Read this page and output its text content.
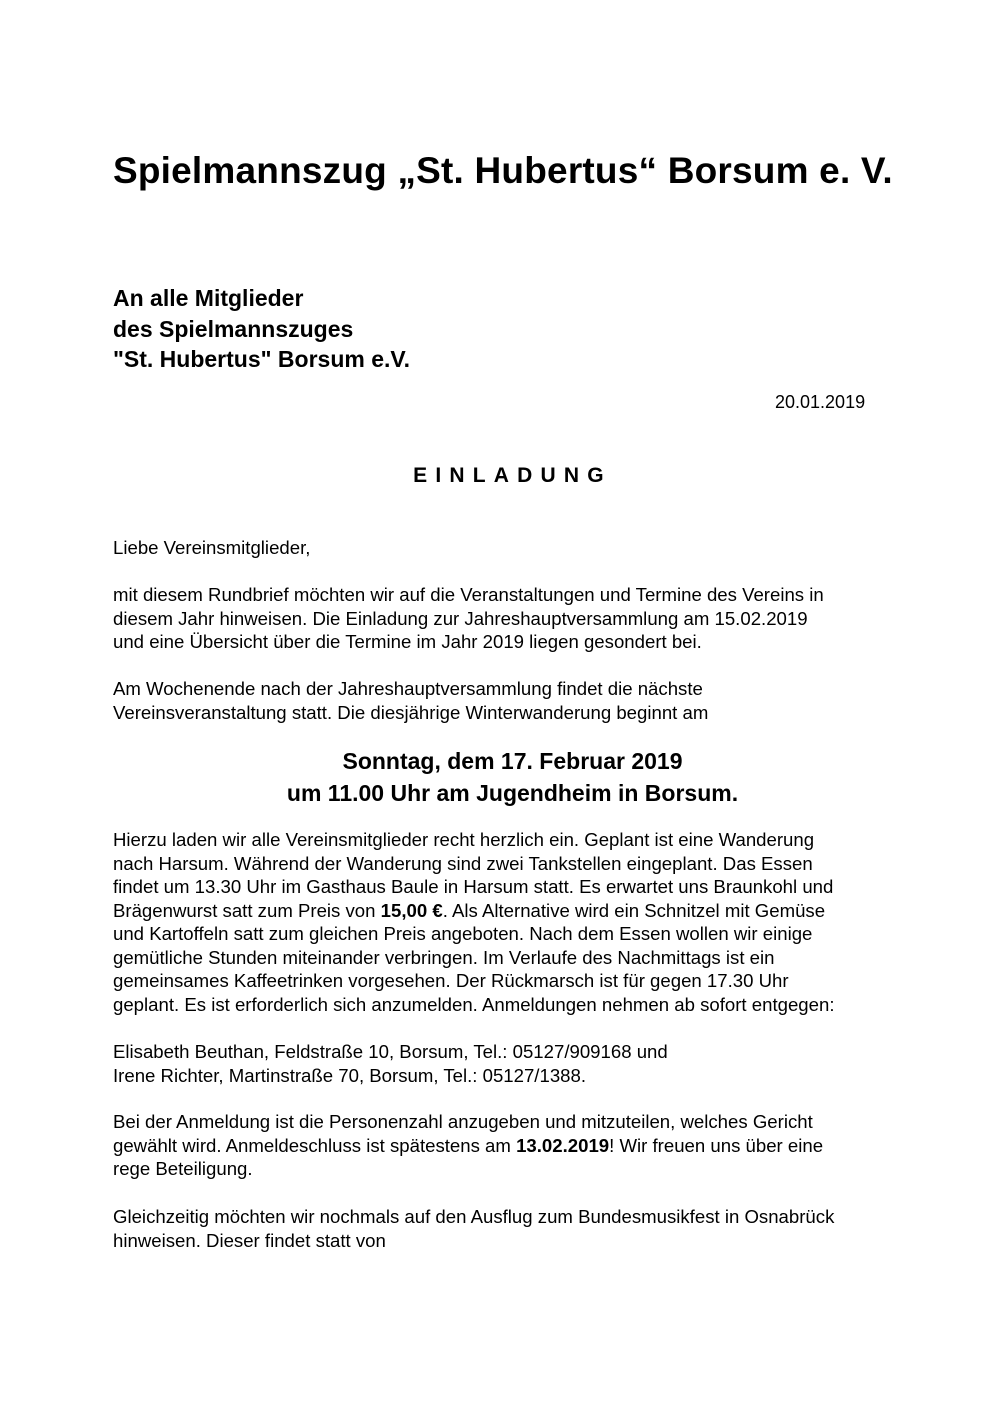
Spielmannszug „St. Hubertus“ Borsum e. V.
An alle Mitglieder
des Spielmannszuges
"St. Hubertus" Borsum e.V.
20.01.2019
EINLADUNG
Liebe Vereinsmitglieder,
mit diesem Rundbrief möchten wir auf die Veranstaltungen und Termine des Vereins in
diesem Jahr hinweisen. Die Einladung zur Jahreshauptversammlung am 15.02.2019
und eine Übersicht über die Termine im Jahr 2019 liegen gesondert bei.
Am Wochenende nach der Jahreshauptversammlung findet die nächste
Vereinsveranstaltung statt. Die diesjährige Winterwanderung beginnt am
Sonntag, dem 17. Februar 2019
um 11.00 Uhr am Jugendheim in Borsum.
Hierzu laden wir alle Vereinsmitglieder recht herzlich ein. Geplant ist eine Wanderung
nach Harsum. Während der Wanderung sind zwei Tankstellen eingeplant. Das Essen
findet um 13.30 Uhr im Gasthaus Baule in Harsum statt. Es erwartet uns Braunkohl und
Brägenwurst satt zum Preis von 15,00 €. Als Alternative wird ein Schnitzel mit Gemüse
und Kartoffeln satt zum gleichen Preis angeboten. Nach dem Essen wollen wir einige
gemütliche Stunden miteinander verbringen. Im Verlaufe des Nachmittags ist ein
gemeinsames Kaffeetrinken vorgesehen. Der Rückmarsch ist für gegen 17.30 Uhr
geplant. Es ist erforderlich sich anzumelden. Anmeldungen nehmen ab sofort entgegen:
Elisabeth Beuthan, Feldstraße 10, Borsum, Tel.: 05127/909168 und
Irene Richter, Martinstraße 70, Borsum, Tel.: 05127/1388.
Bei der Anmeldung ist die Personenzahl anzugeben und mitzuteilen, welches Gericht
gewählt wird. Anmeldeschluss ist spätestens am 13.02.2019! Wir freuen uns über eine
rege Beteiligung.
Gleichzeitig möchten wir nochmals auf den Ausflug zum Bundesmusikfest in Osnabrück
hinweisen. Dieser findet statt von
